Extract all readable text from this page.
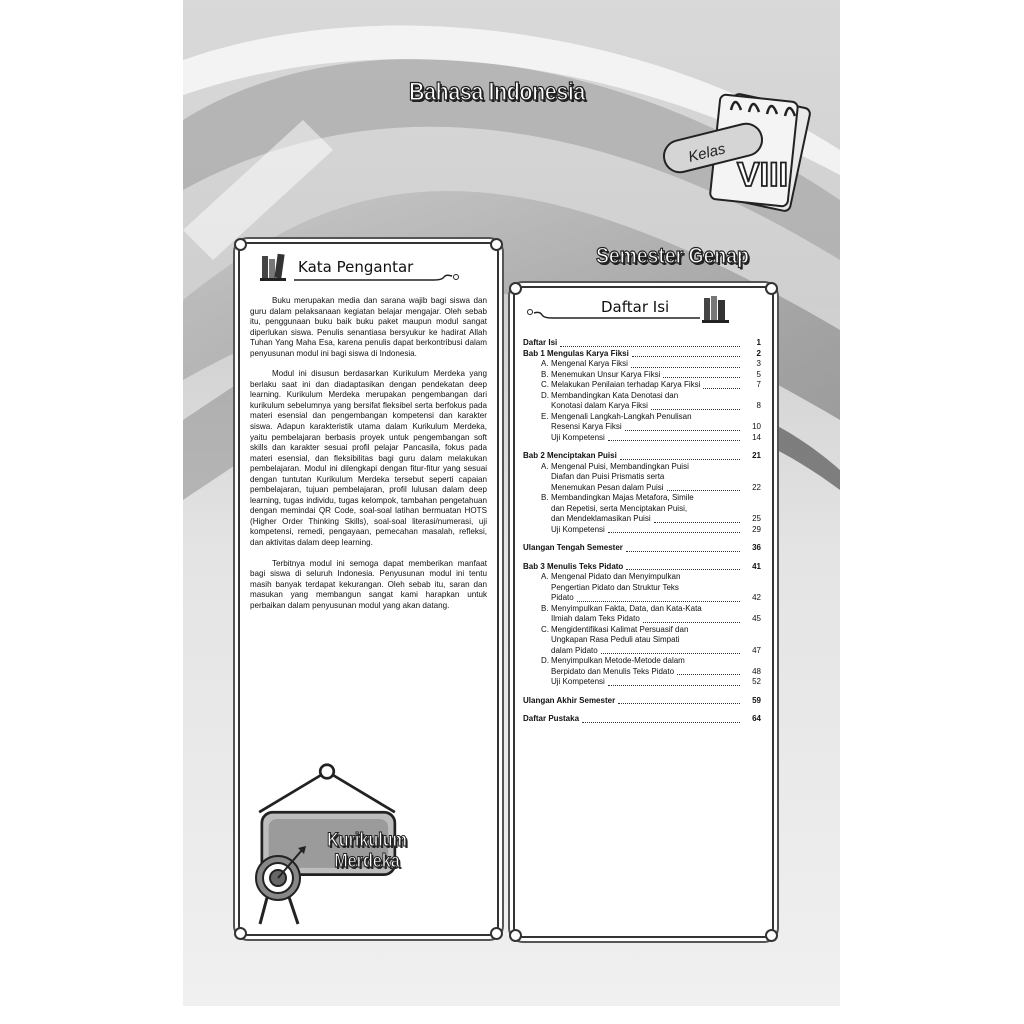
Bahasa Indonesia
Kelas
VIII
Semester Genap
Kata Pengantar

Buku merupakan media dan sarana wajib bagi siswa dan guru dalam pelaksanaan kegiatan belajar mengajar. Oleh sebab itu, penggunaan buku baik buku paket maupun modul sangat diperlukan siswa. Penulis senantiasa bersyukur ke hadirat Allah Tuhan Yang Maha Esa, karena penulis dapat berkontribusi dalam penyusunan modul ini bagi siswa di Indonesia.

Modul ini disusun berdasarkan Kurikulum Merdeka yang berlaku saat ini dan diadaptasikan dengan pendekatan deep learning. Kurikulum Merdeka merupakan pengembangan dari kurikulum sebelumnya yang bersifat fleksibel serta berfokus pada materi esensial dan pengembangan kompetensi dan karakter siswa. Adapun karakteristik utama dalam Kurikulum Merdeka, yaitu pembelajaran berbasis proyek untuk pengembangan soft skills dan karakter sesuai profil pelajar Pancasila, fokus pada materi esensial, dan fleksibilitas bagi guru dalam melakukan pembelajaran. Modul ini dilengkapi dengan fitur-fitur yang sesuai dengan tuntutan Kurikulum Merdeka tersebut seperti capaian pembelajaran, tujuan pembelajaran, profil lulusan dalam deep learning, tugas individu, tugas kelompok, tambahan pengetahuan dengan memindai QR Code, soal-soal latihan bermuatan HOTS (Higher Order Thinking Skills), soal-soal literasi/numerasi, uji kompetensi, remedi, pengayaan, pemecahan masalah, refleksi, dan aktivitas dalam deep learning.

Terbitnya modul ini semoga dapat memberikan manfaat bagi siswa di seluruh Indonesia. Penyusunan modul ini tentu masih banyak terdapat kekurangan. Oleh sebab itu, saran dan masukan yang membangun sangat kami harapkan untuk perbaikan dalam penyusunan modul yang akan datang.

Kurikulum
Merdeka
Daftar Isi
Daftar Isi	1
Bab 1 Mengulas Karya Fiksi	2
A. Mengenal Karya Fiksi	3
B. Menemukan Unsur Karya Fiksi	5
C. Melakukan Penilaian terhadap Karya Fiksi	7
D. Membandingkan Kata Denotasi dan
Konotasi dalam Karya Fiksi	8
E. Mengenali Langkah-Langkah Penulisan
Resensi Karya Fiksi	10
Uji Kompetensi	14
Bab 2 Menciptakan Puisi	21
A. Mengenal Puisi, Membandingkan Puisi
Diafan dan Puisi Prismatis serta
Menemukan Pesan dalam Puisi	22
B. Membandingkan Majas Metafora, Simile
dan Repetisi, serta Menciptakan Puisi,
dan Mendeklamasikan Puisi	25
Uji Kompetensi	29
Ulangan Tengah Semester	36
Bab 3 Menulis Teks Pidato	41
A. Mengenal Pidato dan Menyimpulkan
Pengertian Pidato dan Struktur Teks
Pidato	42
B. Menyimpulkan Fakta, Data, dan Kata-Kata
Ilmiah dalam Teks Pidato	45
C. Mengidentifikasi Kalimat Persuasif dan
Ungkapan Rasa Peduli atau Simpati
dalam Pidato	47
D. Menyimpulkan Metode-Metode dalam
Berpidato dan Menulis Teks Pidato	48
Uji Kompetensi	52
Ulangan Akhir Semester	59
Daftar Pustaka	64
